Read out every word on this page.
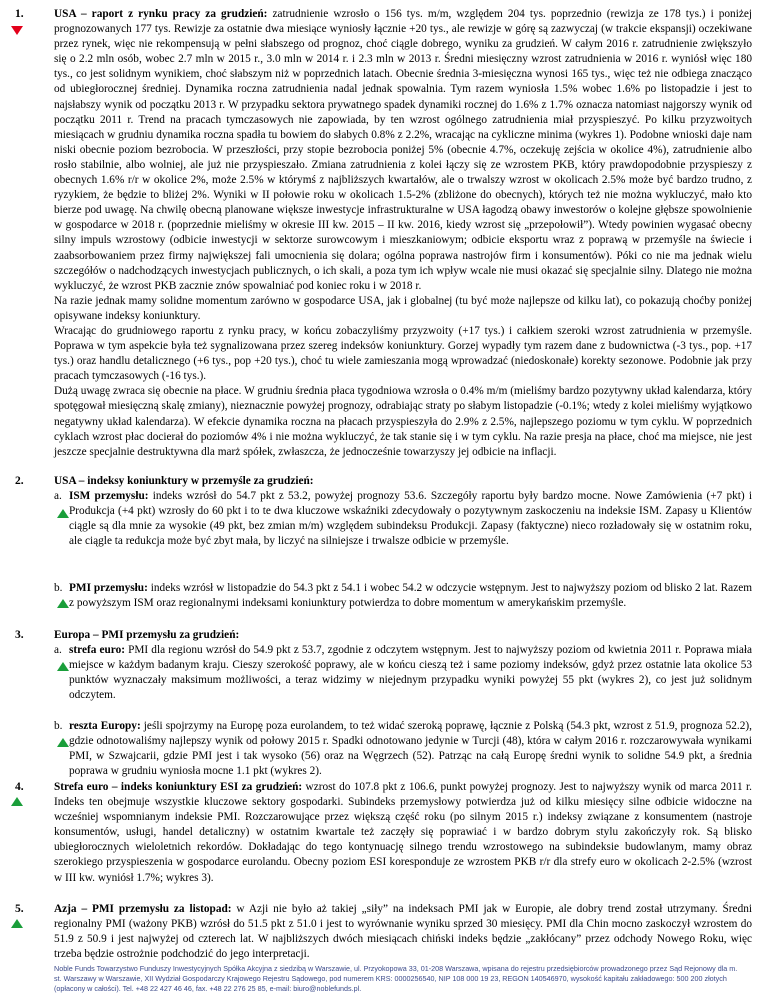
1.	USA – raport z rynku pracy za grudzień: zatrudnienie wzrosło o 156 tys. m/m, względem 204 tys. poprzednio (rewizja ze 178 tys.) i poniżej prognozowanych 177 tys. Rewizje za ostatnie dwa miesiące wyniosły łącznie +20 tys., ale rewizje w górę są zazwyczaj (w trakcie ekspansji) oczekiwane przez rynek, więc nie rekompensują w pełni słabszego od prognoz, choć ciągle dobrego, wyniku za grudzień. W całym 2016 r. zatrudnienie zwiększyło się o 2.2 mln osób, wobec 2.7 mln w 2015 r., 3.0 mln w 2014 r. i 2.3 mln w 2013 r. Średni miesięczny wzrost zatrudnienia w 2016 r. wyniósł więc 180 tys., co jest solidnym wynikiem, choć słabszym niż w poprzednich latach. Obecnie średnia 3-miesięczna wynosi 165 tys., więc też nie odbiega znacząco od ubiegłorocznej średniej. Dynamika roczna zatrudnienia nadal jednak spowalnia. Tym razem wyniosła 1.5% wobec 1.6% po listopadzie i jest to najsłabszy wynik od początku 2013 r. W przypadku sektora prywatnego spadek dynamiki rocznej do 1.6% z 1.7% oznacza natomiast najgorszy wynik od początku 2011 r. Trend na pracach tymczasowych nie zapowiada, by ten wzrost ogólnego zatrudnienia miał przyspieszyć. Po kilku przyzwoitych miesiącach w grudniu dynamika roczna spadła tu bowiem do słabych 0.8% z 2.2%, wracając na cykliczne minima (wykres 1). Podobne wnioski daje nam niski obecnie poziom bezrobocia. W przeszłości, przy stopie bezrobocia poniżej 5% (obecnie 4.7%, oczekuję zejścia w okolice 4%), zatrudnienie albo rosło stabilnie, albo wolniej, ale już nie przyspieszało. Zmiana zatrudnienia z kolei łączy się ze wzrostem PKB, który prawdopodobnie przyspieszy z obecnych 1.6% r/r w okolice 2%, może 2.5% w którymś z najbliższych kwartałów, ale o trwalszy wzrost w okolicach 2.5% może być bardzo trudno, z ryzykiem, że będzie to bliżej 2%. Wyniki w II połowie roku w okolicach 1.5-2% (zbliżone do obecnych), których też nie można wykluczyć, mało kto bierze pod uwagę. Na chwilę obecną planowane większe inwestycje infrastrukturalne w USA łagodzą obawy inwestorów o kolejne głębsze spowolnienie w gospodarce w 2018 r. (poprzednie mieliśmy w okresie III kw. 2015 – II kw. 2016, kiedy wzrost się „przepołowił”). Wtedy powinien wygasać obecny silny impuls wzrostowy (odbicie inwestycji w sektorze surowcowym i mieszkaniowym; odbicie eksportu wraz z poprawą w przemyśle na świecie i zaabsorbowaniem przez firmy największej fali umocnienia się dolara; ogólna poprawa nastrojów firm i konsumentów). Póki co nie ma jednak wielu szczegółów o nadchodzących inwestycjach publicznych, o ich skali, a poza tym ich wpływ wcale nie musi okazać się specjalnie silny. Dlatego nie można wykluczyć, że wzrost PKB zacznie znów spowalniać pod koniec roku i w 2018 r.

Na razie jednak mamy solidne momentum zarówno w gospodarce USA, jak i globalnej (tu być może najlepsze od kilku lat), co pokazują choćby poniżej opisywane indeksy koniunktury.

Wracając do grudniowego raportu z rynku pracy, w końcu zobaczyliśmy przyzwoity (+17 tys.) i całkiem szeroki wzrost zatrudnienia w przemyśle. Poprawa w tym aspekcie była też sygnalizowana przez szereg indeksów koniunktury. Gorzej wypadły tym razem dane z budownictwa (-3 tys., pop. +17 tys.) oraz handlu detalicznego (+6 tys., pop +20 tys.), choć tu wiele zamieszania mogą wprowadzać (niedoskonałe) korekty sezonowe. Podobnie jak przy pracach tymczasowych (-16 tys.).

Dużą uwagę zwraca się obecnie na płace. W grudniu średnia płaca tygodniowa wzrosła o 0.4% m/m (mieliśmy bardzo pozytywny układ kalendarza, który spotęgował miesięczną skalę zmiany), nieznacznie powyżej prognozy, odrabiając straty po słabym listopadzie (-0.1%; wtedy z kolei mieliśmy wyjątkowo negatywny układ kalendarza). W efekcie dynamika roczna na płacach przyspieszyła do 2.9% z 2.5%, najlepszego poziomu w tym cyklu. W poprzednich cyklach wzrost płac docierał do poziomów 4% i nie można wykluczyć, że tak stanie się i w tym cyklu. Na razie presja na płace, choć ma miejsce, nie jest jeszcze specjalnie destruktywna dla marż spółek, zwłaszcza, że jednocześnie towarzyszy jej odbicie na inflacji.

2.	USA – indeksy koniunktury w przemyśle za grudzień:
a. ISM przemysłu: indeks wzrósł do 54.7 pkt z 53.2, powyżej prognozy 53.6. Szczegóły raportu były bardzo mocne. Nowe Zamówienia (+7 pkt) i Produkcja (+4 pkt) wzrosły do 60 pkt i to te dwa kluczowe wskaźniki zdecydowały o pozytywnym zaskoczeniu na indeksie ISM. Zapasy u Klientów ciągle są dla mnie za wysokie (49 pkt, bez zmian m/m) względem subindeksu Produkcji. Zapasy (faktyczne) nieco rozładowały się w ostatnim roku, ale ciągle ta redukcja może być zbyt mała, by liczyć na silniejsze i trwalsze odbicie w przemyśle.
b. PMI przemysłu: indeks wzrósł w listopadzie do 54.3 pkt z 54.1 i wobec 54.2 w odczycie wstępnym. Jest to najwyższy poziom od blisko 2 lat. Razem z powyższym ISM oraz regionalnymi indeksami koniunktury potwierdza to dobre momentum w amerykańskim przemyśle.
3.	Europa – PMI przemysłu za grudzień:
a. strefa euro: PMI dla regionu wzrósł do 54.9 pkt z 53.7, zgodnie z odczytem wstępnym. Jest to najwyższy poziom od kwietnia 2011 r. Poprawa miała miejsce w każdym badanym kraju. Cieszy szerokość poprawy, ale w końcu cieszą też i same poziomy indeksów, gdyż przez ostatnie lata okolice 53 punktów wyznaczały maksimum możliwości, a teraz widzimy w niejednym przypadku wyniki powyżej 55 pkt (wykres 2), co jest już solidnym odczytem.
b. reszta Europy: jeśli spojrzymy na Europę poza eurolandem, to też widać szeroką poprawę, łącznie z Polską (54.3 pkt, wzrost z 51.9, prognoza 52.2), gdzie odnotowaliśmy najlepszy wynik od połowy 2015 r. Spadki odnotowano jedynie w Turcji (48), która w całym 2016 r. rozczarowywała wynikami PMI, w Szwajcarii, gdzie PMI jest i tak wysoko (56) oraz na Węgrzech (52). Patrząc na całą Europę średni wynik to solidne 54.9 pkt, a średnia poprawa w grudniu wyniosła mocne 1.1 pkt (wykres 2).
4.	Strefa euro – indeks koniunktury ESI za grudzień: wzrost do 107.8 pkt z 106.6, punkt powyżej prognozy. Jest to najwyższy wynik od marca 2011 r. Indeks ten obejmuje wszystkie kluczowe sektory gospodarki. Subindeks przemysłowy potwierdza już od kilku miesięcy silne odbicie widoczne na wcześniej wspomnianym indeksie PMI. Rozczarowujące przez większą część roku (po silnym 2015 r.) indeksy związane z konsumentem (nastroje konsumentów, usługi, handel detaliczny) w ostatnim kwartale też zaczęły się poprawiać i w bardzo dobrym stylu zakończyły rok. Są blisko ubiegłorocznych wieloletnich rekordów. Dokładając do tego kontynuację silnego trendu wzrostowego na subindeksie budowlanym, mamy obraz szerokiego przyspieszenia w gospodarce eurolandu. Obecny poziom ESI koresponduje ze wzrostem PKB r/r dla strefy euro w okolicach 2-2.5% (wzrost w III kw. wyniósł 1.7%; wykres 3).
5.	Azja – PMI przemysłu za listopad: w Azji nie było aż takiej „siły” na indeksach PMI jak w Europie, ale dobry trend został utrzymany. Średni regionalny PMI (ważony PKB) wzrósł do 51.5 pkt z 51.0 i jest to wyrównanie wyniku sprzed 30 miesięcy. PMI dla Chin mocno zaskoczył wzrostem do 51.9 z 50.9 i jest najwyżej od czterech lat. W najbliższych dwóch miesiącach chiński indeks będzie „zakłócany” przez odchody Nowego Roku, więc trzeba będzie ostrożnie podchodzić do jego interpretacji.
Noble Funds Towarzystwo Funduszy Inwestycyjnych Spółka Akcyjna z siedzibą w Warszawie, ul. Przyokopowa 33, 01-208 Warszawa, wpisana do rejestru przedsiębiorców prowadzonego przez Sąd Rejonowy dla m. st. Warszawy w Warszawie, XII Wydział Gospodarczy Krajowego Rejestru Sądowego, pod numerem KRS: 0000256540, NIP 108 000 19 23, REGON 140546970, wysokość kapitału zakładowego: 500 200 złotych (opłacony w całości). Tel. +48 22 427 46 46, fax. +48 22 276 25 85, e-mail: biuro@noblefunds.pl.
